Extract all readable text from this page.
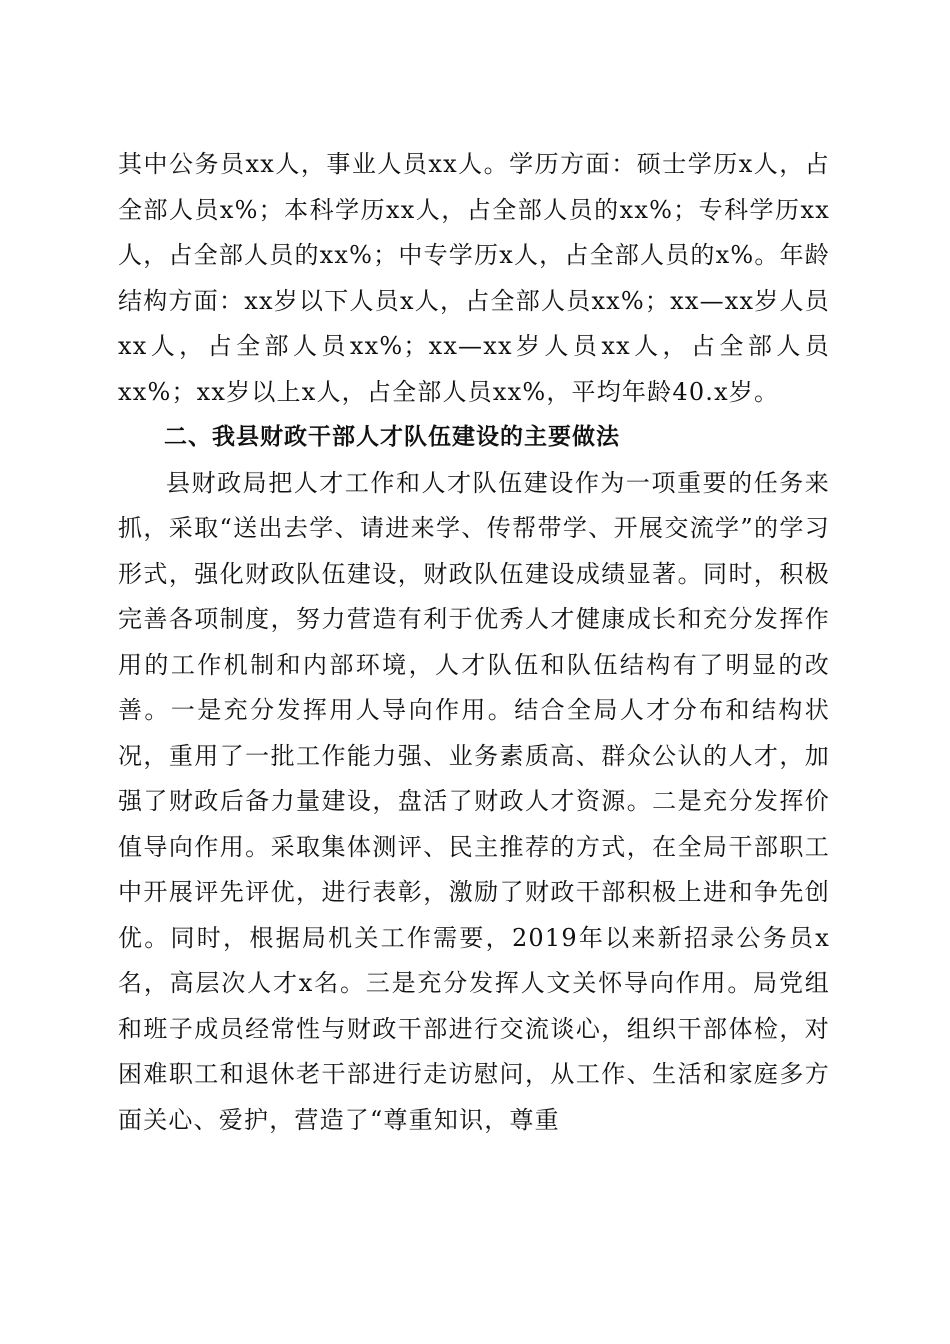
其中公务员xx人，事业人员xx人。学历方面：硕士学历x人，占全部人员x%；本科学历xx人，占全部人员的xx%；专科学历xx人，占全部人员的xx%；中专学历x人，占全部人员的x%。年龄结构方面：xx岁以下人员x人，占全部人员xx%；xx—xx岁人员xx人，占全部人员xx%；xx—xx岁人员xx人，占全部人员xx%；xx岁以上x人，占全部人员xx%，平均年龄40.x岁。

二、我县财政干部人才队伍建设的主要做法

县财政局把人才工作和人才队伍建设作为一项重要的任务来抓，采取“送出去学、请进来学、传帮带学、开展交流学”的学习形式，强化财政队伍建设，财政队伍建设成绩显著。同时，积极完善各项制度，努力营造有利于优秀人才健康成长和充分发挥作用的工作机制和内部环境，人才队伍和队伍结构有了明显的改善。一是充分发挥用人导向作用。结合全局人才分布和结构状况，重用了一批工作能力强、业务素质高、群众公认的人才，加强了财政后备力量建设，盘活了财政人才资源。二是充分发挥价值导向作用。采取集体测评、民主推荐的方式，在全局干部职工中开展评先评优，进行表彰，激励了财政干部积极上进和争先创优。同时，根据局机关工作需要，2019年以来新招录公务员x名，高层次人才x名。三是充分发挥人文关怀导向作用。局党组和班子成员经常性与财政干部进行交流谈心，组织干部体检，对困难职工和退休老干部进行走访慰问，从工作、生活和家庭多方面关心、爱护，营造了“尊重知识，尊重
